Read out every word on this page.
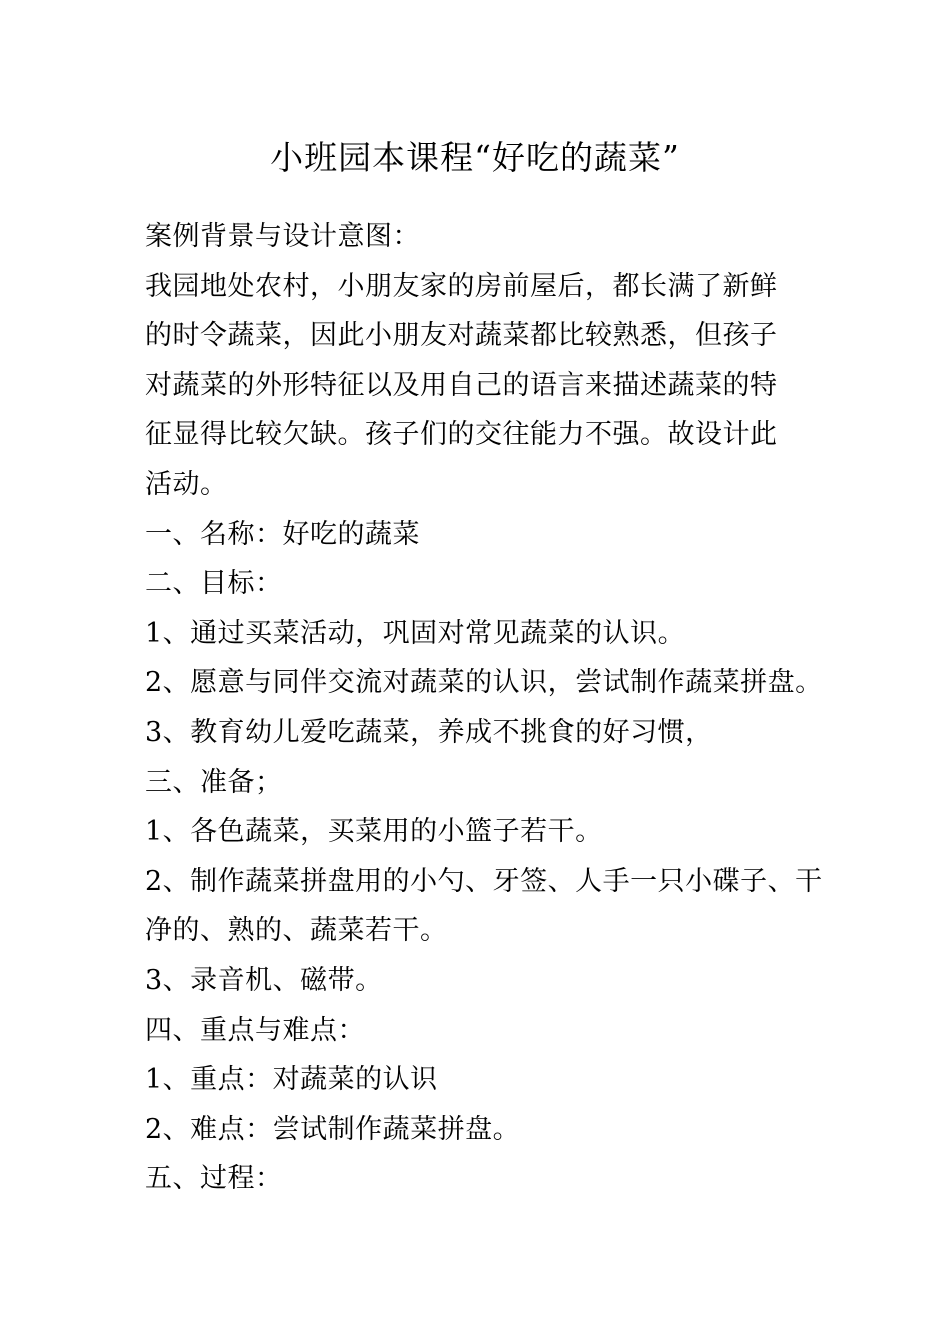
小班园本课程“好吃的蔬菜”
案例背景与设计意图：
我园地处农村，小朋友家的房前屋后，都长满了新鲜
的时令蔬菜，因此小朋友对蔬菜都比较熟悉，但孩子
对蔬菜的外形特征以及用自己的语言来描述蔬菜的特
征显得比较欠缺。孩子们的交往能力不强。故设计此
活动。
一、名称：好吃的蔬菜
二、目标：
1、通过买菜活动，巩固对常见蔬菜的认识。
2、愿意与同伴交流对蔬菜的认识，尝试制作蔬菜拼盘。
3、教育幼儿爱吃蔬菜，养成不挑食的好习惯，
三、准备；
1、各色蔬菜，买菜用的小篮子若干。
2、制作蔬菜拼盘用的小勺、牙签、人手一只小碟子、干
净的、熟的、蔬菜若干。
3、录音机、磁带。
四、重点与难点：
1、重点：对蔬菜的认识
2、难点：尝试制作蔬菜拼盘。
五、过程：
